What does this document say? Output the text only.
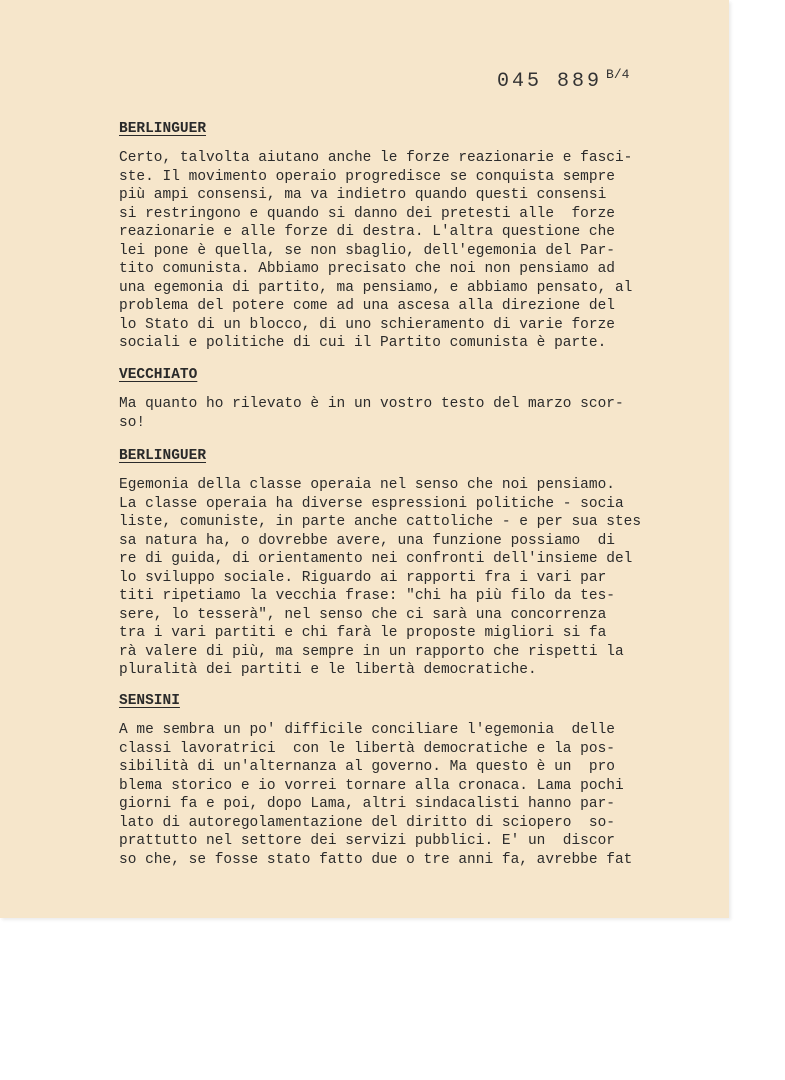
045 889 $^{B/4}$
BERLINGUER
Certo, talvolta aiutano anche le forze reazionarie e fasci-
ste. Il movimento operaio progredisce se conquista sempre
più ampi consensi, ma va indietro quando questi consensi
si restringono e quando si danno dei pretesti alle  forze
reazionarie e alle forze di destra. L'altra questione che
lei pone è quella, se non sbaglio, dell'egemonia del Par-
tito comunista. Abbiamo precisato che noi non pensiamo ad
una egemonia di partito, ma pensiamo, e abbiamo pensato, al
problema del potere come ad una ascesa alla direzione del
lo Stato di un blocco, di uno schieramento di varie forze
sociali e politiche di cui il Partito comunista è parte.
VECCHIATO
Ma quanto ho rilevato è in un vostro testo del marzo scor-
so!
BERLINGUER
Egemonia della classe operaia nel senso che noi pensiamo.
La classe operaia ha diverse espressioni politiche - socia
liste, comuniste, in parte anche cattoliche - e per sua stes
sa natura ha, o dovrebbe avere, una funzione possiamo  di
re di guida, di orientamento nei confronti dell'insieme del
lo sviluppo sociale. Riguardo ai rapporti fra i vari par
titi ripetiamo la vecchia frase: "chi ha più filo da tes-
sere, lo tesserà", nel senso che ci sarà una concorrenza
tra i vari partiti e chi farà le proposte migliori si fa
rà valere di più, ma sempre in un rapporto che rispetti la
pluralità dei partiti e le libertà democratiche.
SENSINI
A me sembra un po' difficile conciliare l'egemonia  delle
classi lavoratrici  con le libertà democratiche e la pos-
sibilità di un'alternanza al governo. Ma questo è un  pro
blema storico e io vorrei tornare alla cronaca. Lama pochi
giorni fa e poi, dopo Lama, altri sindacalisti hanno par-
lato di autoregolamentazione del diritto di sciopero  so-
prattutto nel settore dei servizi pubblici. E' un  discor
so che, se fosse stato fatto due o tre anni fa, avrebbe fat
